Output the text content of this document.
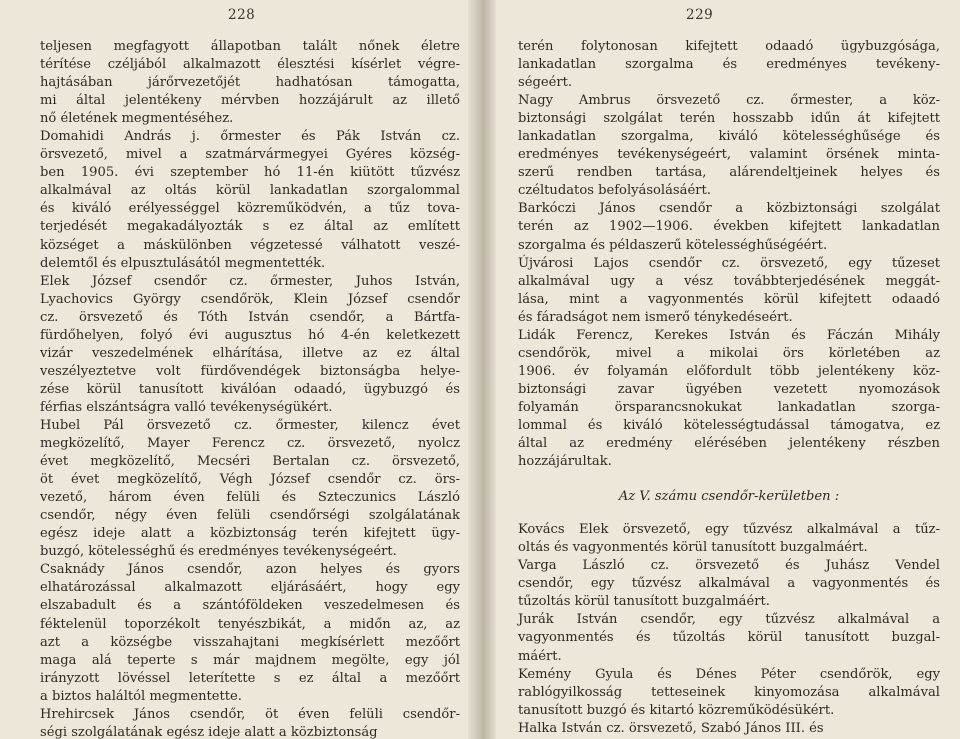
228
teljesen megfagyott állapotban talált nőnek életre
térítése czéljából alkalmazott élesztési kísérlet végre-
hajtásában járőrvezetőjét hadhatósan támogatta,
mi által jelentékeny mérvben hozzájárult az illető
nő életének megmentéséhez.
Domahidi András j. őrmester és Pák István cz.
örsvezető, mivel a szatmárvármegyei Gyéres község-
ben 1905. évi szeptember hó 11-én kiütött tűzvész
alkalmával az oltás körül lankadatlan szorgalommal
és kiváló erélyességgel közreműködvén, a tűz tova-
terjedését megakadályozták s ez által az említett
községet a máskülönben végzetessé válhatott veszé-
delemtől és elpusztulásától megmentették.
Elek József csendőr cz. őrmester, Juhos István,
Lyachovics György csendőrök, Klein József csendőr
cz. örsvezető és Tóth István csendőr, a Bártfa-
fürdőhelyen, folyó évi augusztus hó 4-én keletkezett
vizár veszedelmének elhárítása, illetve az ez által
veszélyeztetve volt fürdővendégek biztonságba helye-
zése körül tanusított kiválóan odaadó, ügybuzgó és
férfias elszántságra valló tevékenységükért.
Hubel Pál örsvezető cz. őrmester, kilencz évet
megközelítő, Mayer Ferencz cz. örsvezető, nyolcz
évet megközelítő, Mecséri Bertalan cz. örsvezető,
öt évet megközelítő, Végh József csendőr cz. örs-
vezető, három éven felüli és Szteczunics László
csendőr, négy éven felüli csendőrségi szolgálatának
egész ideje alatt a közbiztonság terén kifejtett ügy-
buzgó, kötelességhű és eredményes tevékenységeért.
Csaknády János csendőr, azon helyes és gyors
elhatározással alkalmazott eljárásáért, hogy egy
elszabadult és a szántóföldeken veszedelmesen és
féktelenül toporzékolt tenyészbikát, a midőn az, az
azt a községbe visszahajtani megkísérlett mezőőrt
maga alá teperte s már majdnem megölte, egy jól
irányzott lövéssel leterítette s ez által a mezőőrt
a biztos haláltól megmentette.
Hrehircsek János csendőr, öt éven felüli csendőr-
ségi szolgálatának egész ideje alatt a közbiztonság
229
terén folytonosan kifejtett odaadó ügybuzgósága,
lankadatlan szorgalma és eredményes tevékeny-
ségeért.
Nagy Ambrus örsvezető cz. őrmester, a köz-
biztonsági szolgálat terén hosszabb idűn át kifejtett
lankadatlan szorgalma, kiváló kötelességhűsége és
eredményes tevékenységeért, valamint örsének minta-
szerű rendben tartása, alárendeltjeinek helyes és
czéltudatos befolyásolásáért.
Barkóczi János csendőr a közbiztonsági szolgálat
terén az 1902—1906. években kifejtett lankadatlan
szorgalma és példaszerű kötelességhűségéért.
Újvárosi Lajos csendőr cz. örsvezető, egy tűzeset
alkalmával ugy a vész továbbterjedésének meggát-
lása, mint a vagyonmentés körül kifejtett odaadó
és fáradságot nem ismerő ténykedéseért.
Lidák Ferencz, Kerekes István és Fáczán Mihály
csendőrök, mivel a mikolai örs körletében az
1906. év folyamán előfordult több jelentékeny köz-
biztonsági zavar ügyében vezetett nyomozások
folyamán örsparancsnokukat lankadatlan szorga-
lommal és kiváló kötelességtudással támogatva, ez
által az eredmény elérésében jelentékeny részben
hozzájárultak.
Az V. számu csendőr-kerületben :
Kovács Elek örsvezető, egy tűzvész alkalmával a tűz-
oltás és vagyonmentés körül tanusított buzgalmáért.
Varga László cz. örsvezető és Juhász Vendel
csendőr, egy tűzvész alkalmával a vagyonmentés és
tűzoltás körül tanusított buzgalmáért.
Jurák István csendőr, egy tűzvész alkalmával a
vagyonmentés és tűzoltás körül tanusított buzgal-
máért.
Kemény Gyula és Dénes Péter csendőrök, egy
rablógyilkosság tetteseinek kinyomozása alkalmával
tanusított buzgó és kitartó közreműködésükért.
Halka István cz. örsvezető, Szabó János III. és
